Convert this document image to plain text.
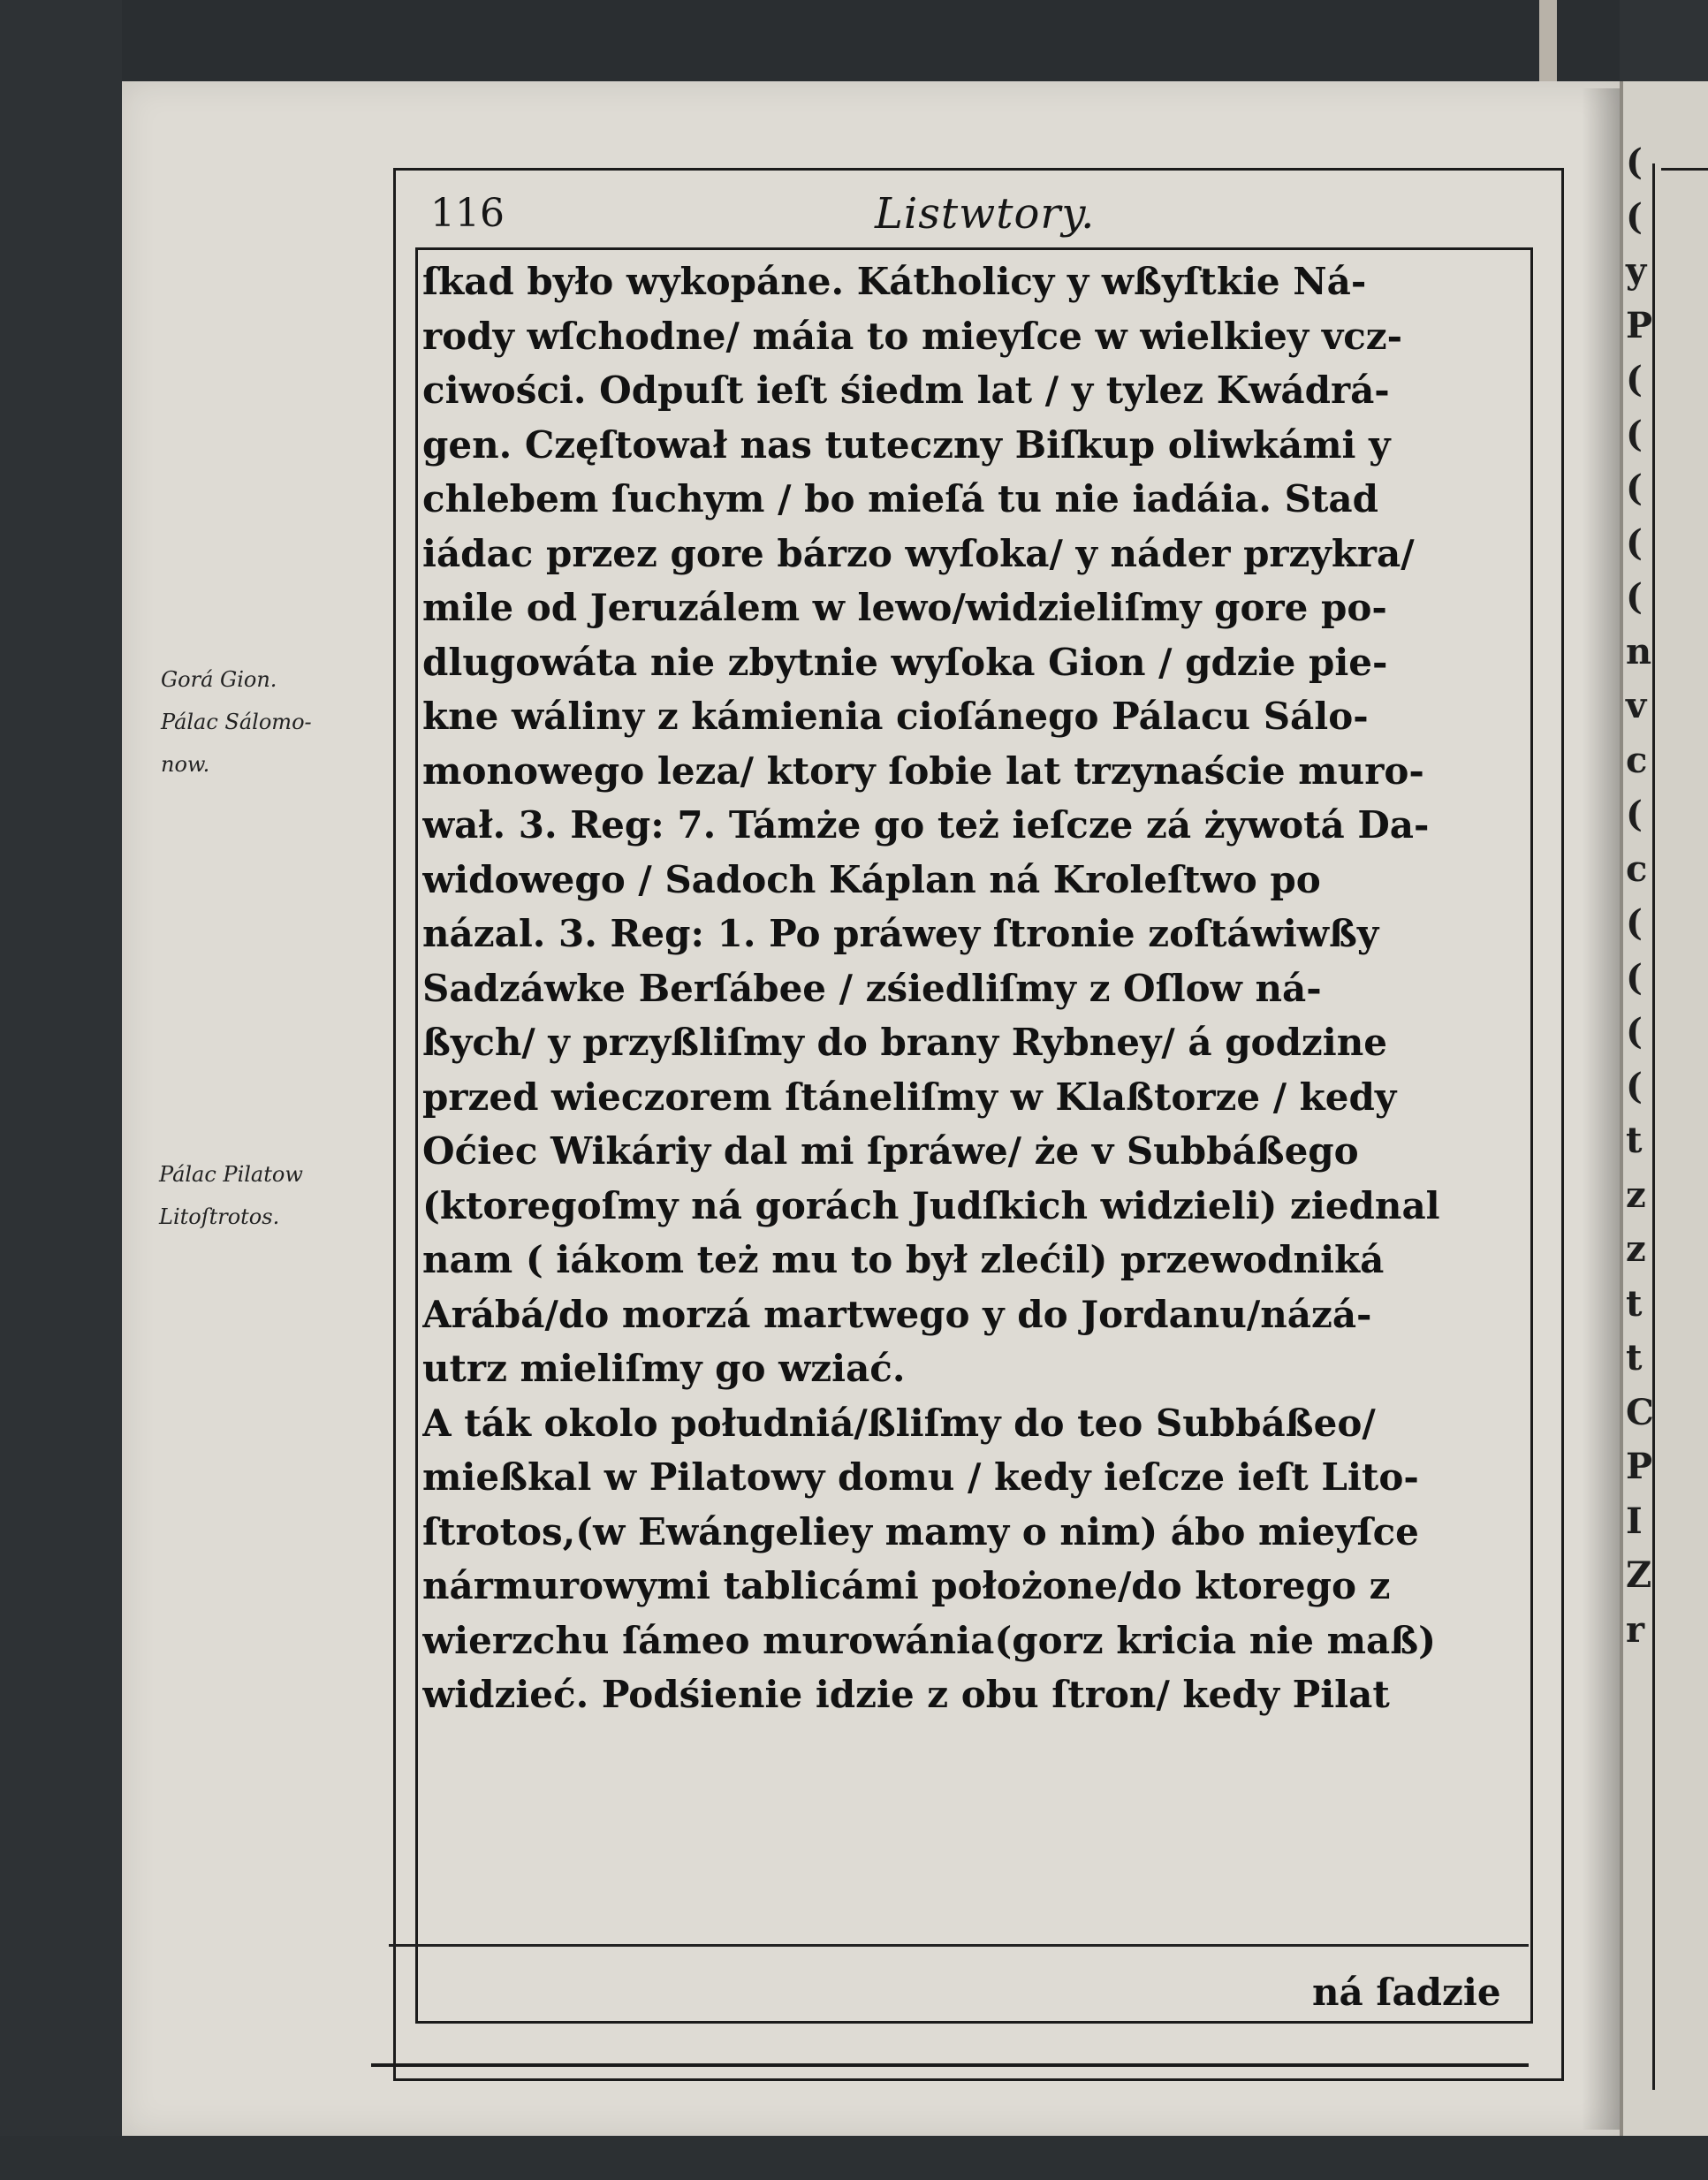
(
(
y
P
(
(
(
(
(
n
v
c
(
c
(
(
(
(
t
z
z
t
t
C
P
I
Z
r
116	Listwtory.
ſkad było wykopáne. Kátholicy y wßyſtkie Ná-
rody wſchodne/ máia to mieyſce w wielkiey vcz-
ciwości. Odpuſt ieſt śiedm lat / y tylez Kwádrá-
gen. Częſtował nas tuteczny Biſkup oliwkámi y
chlebem ſuchym / bo mieſá tu nie iadáia. Stad
iádac przez gore bárzo wyſoka/ y náder przykra/
mile od Jeruzálem w lewo/widzieliſmy gore po-
dlugowáta nie zbytnie wyſoka Gion / gdzie pie-
kne wáliny z kámienia cioſánego Pálacu Sálo-
monowego leza/ ktory ſobie lat trzynaście muro-
wał. 3. Reg: 7. Támże go też ieſcze zá żywotá Da-
widowego / Sadoch Káplan ná Kroleſtwo po
názal. 3. Reg: 1. Po práwey ſtronie zoſtáwiwßy
Sadzáwke Berſábee / zśiedliſmy z Oſlow ná-
ßych/ y przyßliſmy do brany Rybney/ á godzine
przed wieczorem ſtáneliſmy w Klaßtorze / kedy
Oćiec Wikáriy dal mi ſpráwe/ że v Subbáßego
(ktoregoſmy ná gorách Judſkich widzieli) ziednal
nam ( iákom też mu to był zlećil) przewodniká
Arábá/do morzá martwego y do Jordanu/názá-
utrz mieliſmy go wziać.
A ták okolo południá/ßliſmy do teo Subbáßeo/
mießkal w Pilatowy domu / kedy ieſcze ieſt Lito-
ſtrotos,(w Ewángeliey mamy o nim) ábo mieyſce
nármurowymi tablicámi położone/do ktorego z
wierzchu ſámeo murowánia(gorz kricia nie maß)
widzieć. Podśienie idzie z obu ſtron/ kedy Pilat
ná ſadzie
Gorá Gion.
Pálac Sálomo-
now.
Pálac Pilatow
Litoſtrotos.
